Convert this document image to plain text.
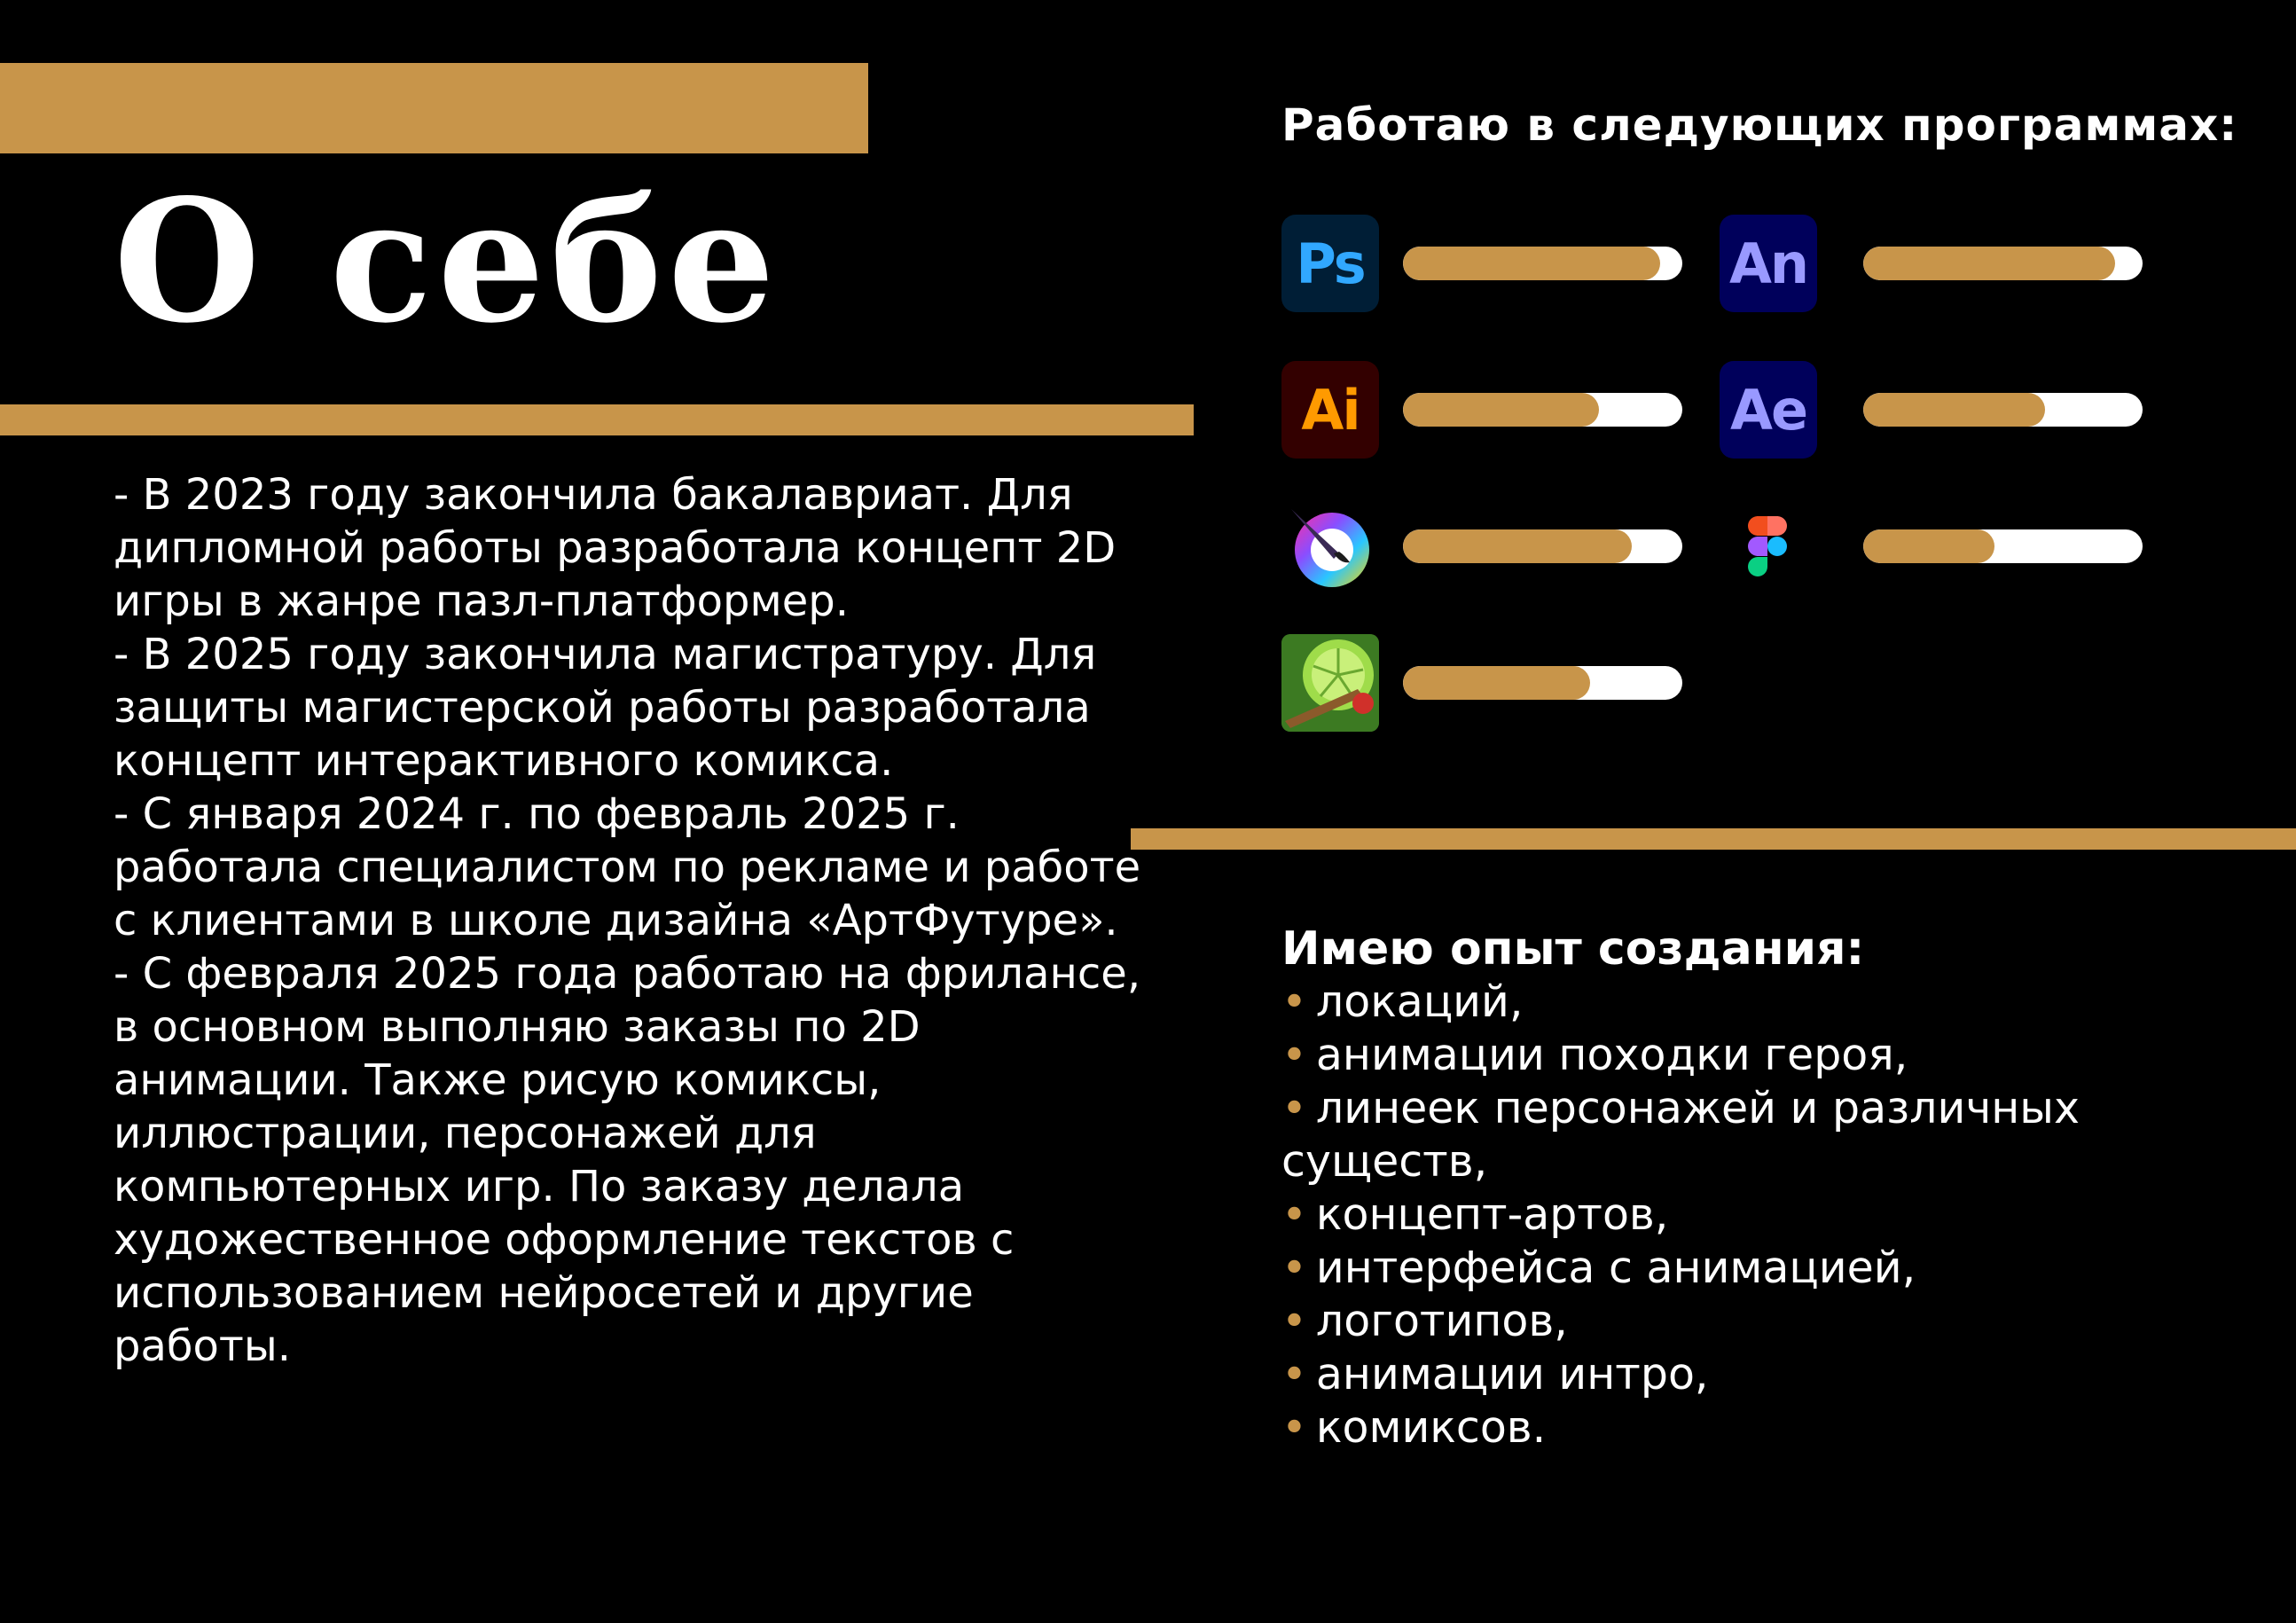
О себе

- В 2023 году закончила бакалавриат. Для дипломной работы разработала концепт 2D игры в жанре пазл-платформер.

- В 2025 году закончила магистратуру. Для защиты магистерской работы разработала концепт интерактивного комикса.

- С января 2024 г. по февраль 2025 г. работала специалистом по рекламе и работе с клиентами в школе дизайна «АртФутуре».

- С февраля 2025 года работаю на фрилансе, в основном выполняю заказы по 2D анимации. Также рисую комиксы, иллюстрации, персонажей для компьютерных игр. По заказу делала художественное оформление текстов с использованием нейросетей и другие работы.

Работаю в следующих программах:
Ps	An
Ai	Ae
Имею опыт создания:
• локаций,
• анимации походки героя,
• линеек персонажей и различных существ,
• концепт-артов,
• интерфейса с анимацией,
• логотипов,
• анимации интро,
• комиксов.
